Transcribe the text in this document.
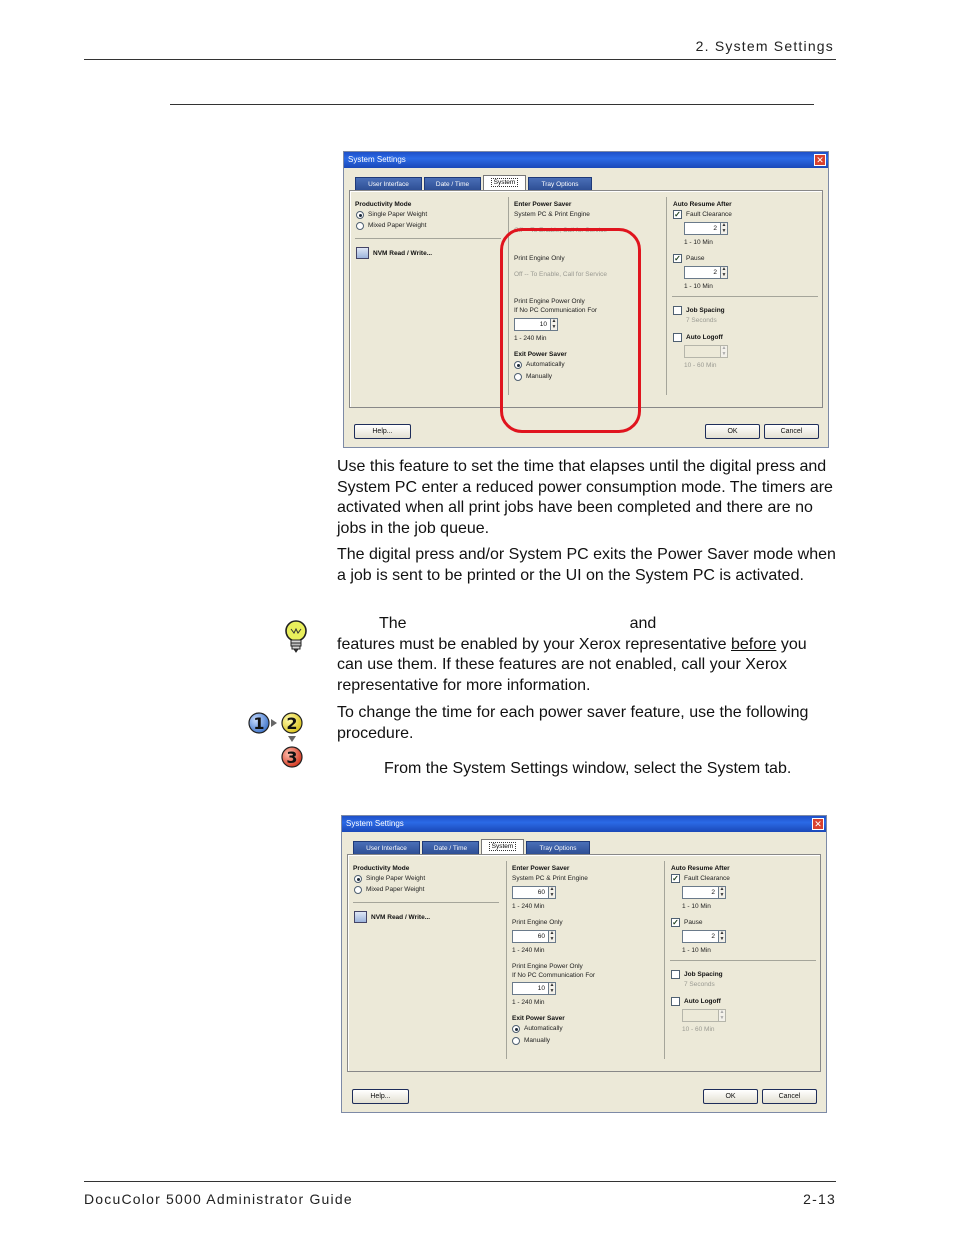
2. System Settings
System Settings	✕
User Interface	Date / Time	System	Tray Options
Productivity Mode
Single Paper Weight
Mixed Paper Weight
NVM Read / Write...
Enter Power Saver
System PC & Print Engine
Off -- To Enable, Call for Service
Print Engine Only
Off -- To Enable, Call for Service
Print Engine Power Only
If No PC Communication For
10 ▲
▼
1 - 240 Min
Exit Power Saver
Automatically
Manually
Auto Resume After
✓ Fault Clearance
2 ▲
▼
1 - 10 Min
✓ Pause
2 ▲
▼
1 - 10 Min
Job Spacing
7 Seconds
Auto Logoff
▲
▼
10 - 60 Min
Help...	OK	Cancel
Use this feature to set the time that elapses until the digital press and System PC enter a reduced power consumption mode. The timers are activated when all print jobs have been completed and there are no jobs in the job queue.
The digital press and/or System PC exits the Power Saver mode when a job is sent to be printed or the UI on the System PC is activated.
The	and
features must be enabled by your Xerox representative before you
can use them. If these features are not enabled, call your Xerox representative for more information.
1 2
3
To change the time for each power saver feature, use the following procedure.
From the System Settings window, select the System tab.
System Settings	✕
User Interface	Date / Time	System	Tray Options
Productivity Mode
Single Paper Weight
Mixed Paper Weight
NVM Read / Write...
Enter Power Saver
System PC & Print Engine
60 ▲
▼
1 - 240 Min
Print Engine Only
60 ▲
▼
1 - 240 Min
Print Engine Power Only
If No PC Communication For
10 ▲
▼
1 - 240 Min
Exit Power Saver
Automatically
Manually
Auto Resume After
✓ Fault Clearance
2 ▲
▼
1 - 10 Min
✓ Pause
2 ▲
▼
1 - 10 Min
Job Spacing
7 Seconds
Auto Logoff
▲
▼
10 - 60 Min
Help...	OK	Cancel
DocuColor 5000 Administrator Guide	2-13
